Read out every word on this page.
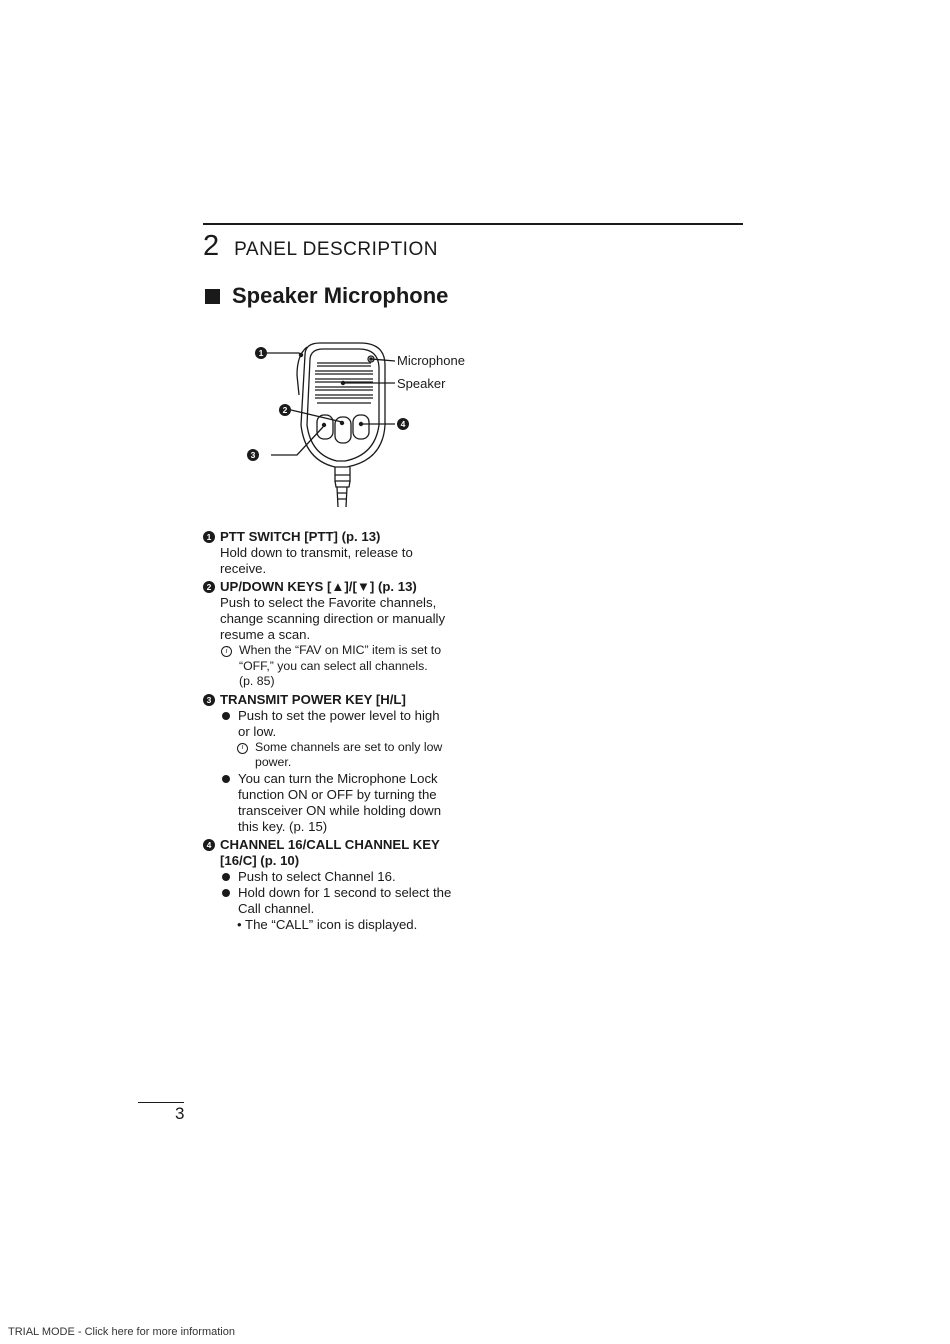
2 PANEL DESCRIPTION
Speaker Microphone
1
2
3
4
Microphone
Speaker
1 PTT SWITCH [PTT] (p. 13)
Hold down to transmit, release to
receive.
2 UP/DOWN KEYS [▲]/[▼] (p. 13)
Push to select the Favorite channels,
change scanning direction or manually
resume a scan.
i When the “FAV on MIC” item is set to
“OFF,” you can select all channels.
(p. 85)
3 TRANSMIT POWER KEY [H/L]
Push to set the power level to high
or low.
i Some channels are set to only low
power.
You can turn the Microphone Lock
function ON or OFF by turning the
transceiver ON while holding down
this key. (p. 15)
4 CHANNEL 16/CALL CHANNEL KEY
[16/C] (p. 10)
Push to select Channel 16.
Hold down for 1 second to select the
Call channel.
• The “CALL” icon is displayed.
3
TRIAL MODE - Click here for more information
